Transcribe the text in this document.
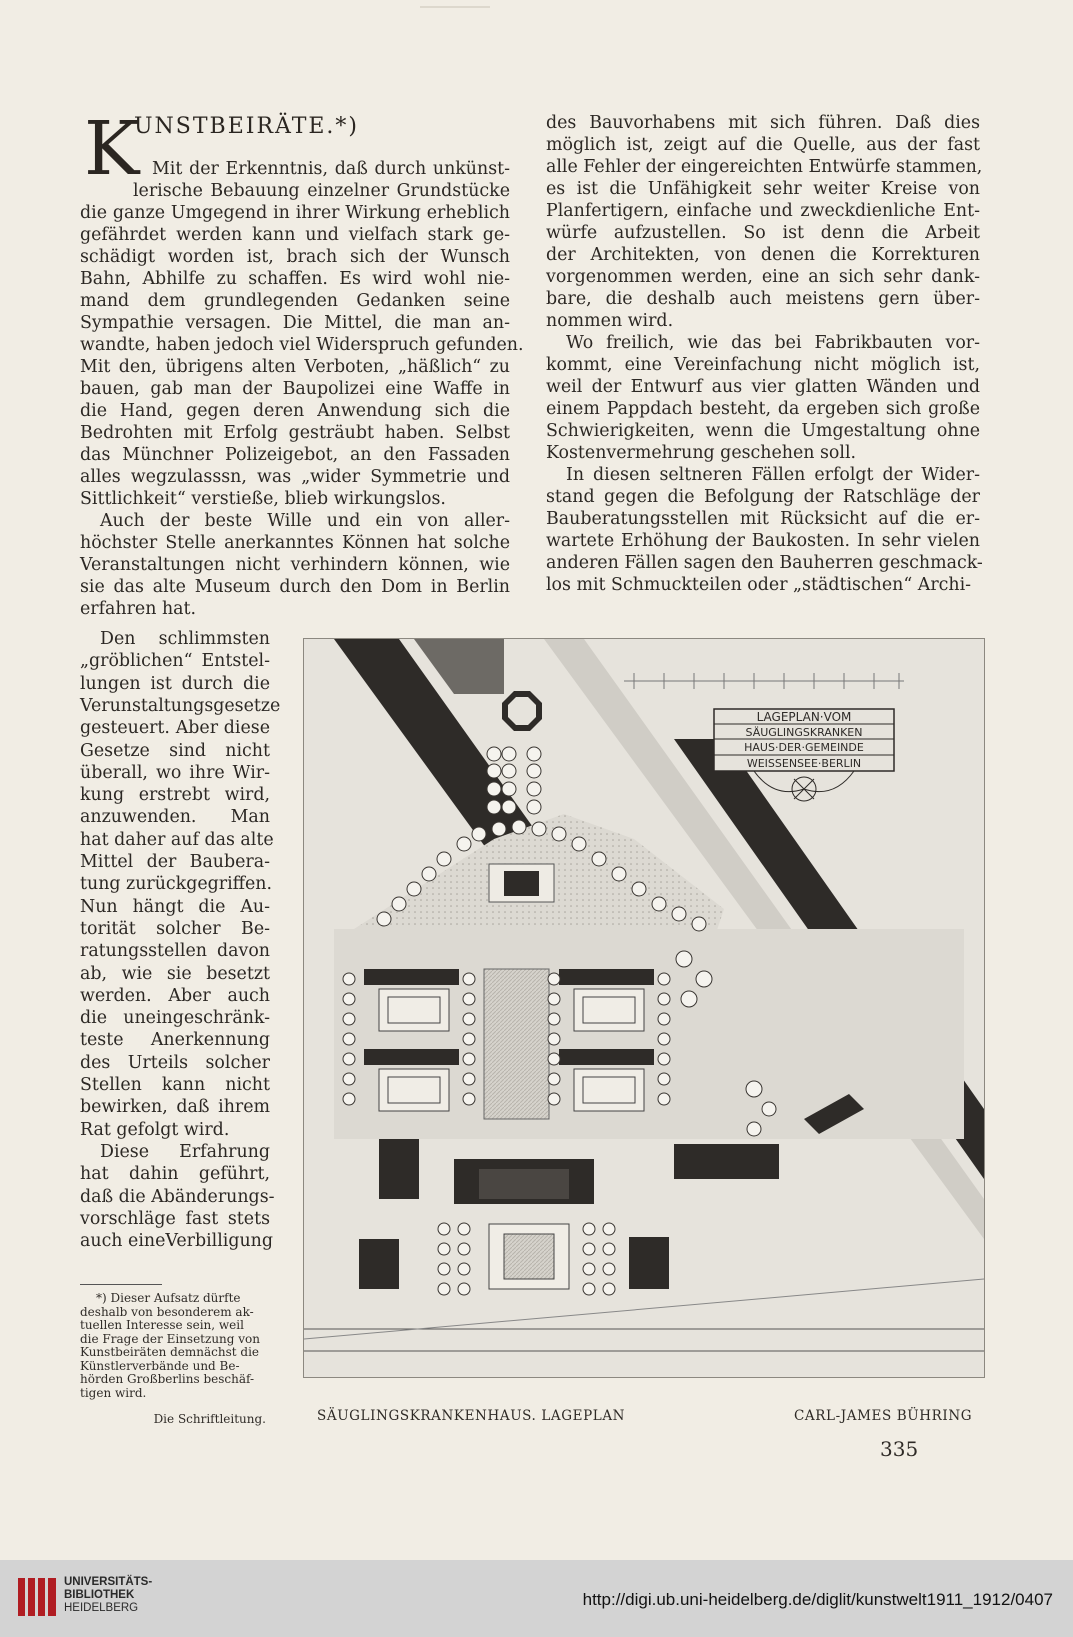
K
UNSTBEIRÄTE.*)
Mit der Erkenntnis, daß durch unkünst-
lerische Bebauung einzelner Grundstücke
die ganze Umgegend in ihrer Wirkung erheblich
gefährdet werden kann und vielfach stark ge-
schädigt worden ist, brach sich der Wunsch
Bahn, Abhilfe zu schaffen. Es wird wohl nie-
mand dem grundlegenden Gedanken seine
Sympathie versagen. Die Mittel, die man an-
wandte, haben jedoch viel Widerspruch gefunden.
Mit den, übrigens alten Verboten, „häßlich“ zu
bauen, gab man der Baupolizei eine Waffe in
die Hand, gegen deren Anwendung sich die
Bedrohten mit Erfolg gesträubt haben. Selbst
das Münchner Polizeigebot, an den Fassaden
alles wegzulasssn, was „wider Symmetrie und
Sittlichkeit“ verstieße, blieb wirkungslos.
Auch der beste Wille und ein von aller-
höchster Stelle anerkanntes Können hat solche
Veranstaltungen nicht verhindern können, wie
sie das alte Museum durch den Dom in Berlin
erfahren hat.
Den schlimmsten
„gröblichen“ Entstel-
lungen ist durch die
Verunstaltungsgesetze
gesteuert. Aber diese
Gesetze sind nicht
überall, wo ihre Wir-
kung erstrebt wird,
anzuwenden. Man
hat daher auf das alte
Mittel der Baubera-
tung zurückgegriffen.
Nun hängt die Au-
torität solcher Be-
ratungsstellen davon
ab, wie sie besetzt
werden. Aber auch
die uneingeschränk-
teste Anerkennung
des Urteils solcher
Stellen kann nicht
bewirken, daß ihrem
Rat gefolgt wird.
Diese Erfahrung
hat dahin geführt,
daß die Abänderungs-
vorschläge fast stets
auch eineVerbilligung
des Bauvorhabens mit sich führen. Daß dies
möglich ist, zeigt auf die Quelle, aus der fast
alle Fehler der eingereichten Entwürfe stammen,
es ist die Unfähigkeit sehr weiter Kreise von
Planfertigern, einfache und zweckdienliche Ent-
würfe aufzustellen. So ist denn die Arbeit
der Architekten, von denen die Korrekturen
vorgenommen werden, eine an sich sehr dank-
bare, die deshalb auch meistens gern über-
nommen wird.
Wo freilich, wie das bei Fabrikbauten vor-
kommt, eine Vereinfachung nicht möglich ist,
weil der Entwurf aus vier glatten Wänden und
einem Pappdach besteht, da ergeben sich große
Schwierigkeiten, wenn die Umgestaltung ohne
Kostenvermehrung geschehen soll.
In diesen seltneren Fällen erfolgt der Wider-
stand gegen die Befolgung der Ratschläge der
Bauberatungsstellen mit Rücksicht auf die er-
wartete Erhöhung der Baukosten. In sehr vielen
anderen Fällen sagen den Bauherren geschmack-
los mit Schmuckteilen oder „städtischen“ Archi-
LAGEPLAN·VOM
SÄUGLINGSKRANKEN
HAUS·DER·GEMEINDE
WEISSENSEE·BERLIN
SÄUGLINGSKRANKENHAUS. LAGEPLAN	CARL-JAMES BÜHRING
*) Dieser Aufsatz dürfte
deshalb von besonderem ak-
tuellen Interesse sein, weil
die Frage der Einsetzung von
Kunstbeiräten demnächst die
Künstlerverbände und Be-
hörden Großberlins beschäf-
tigen wird.
Die Schriftleitung.
335
UNIVERSITÄTS-
BIBLIOTHEK
HEIDELBERG	http://digi.ub.uni-heidelberg.de/diglit/kunstwelt1911_1912/0407
